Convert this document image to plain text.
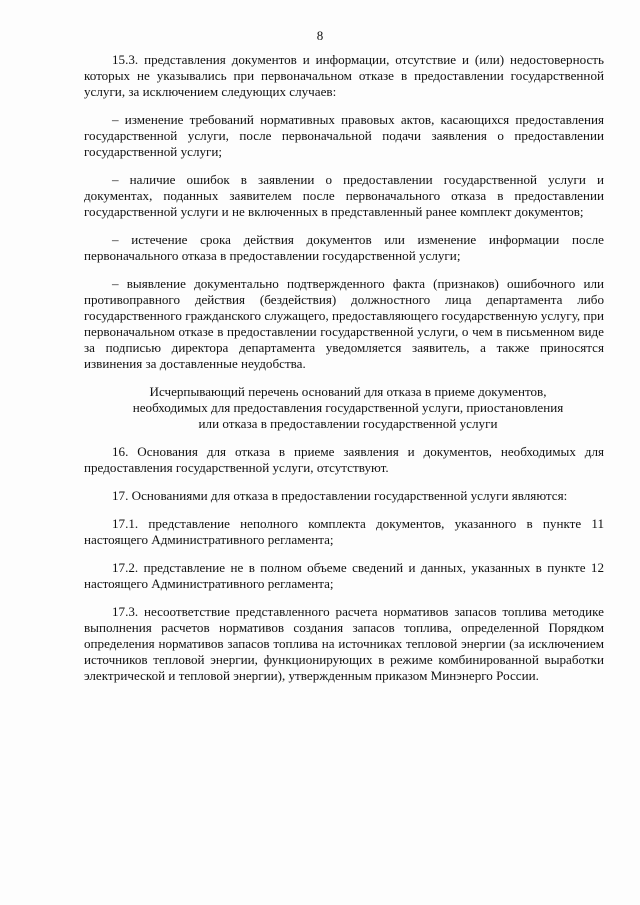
8

15.3. представления документов и информации, отсутствие и (или) недостоверность которых не указывались при первоначальном отказе в предоставлении государственной услуги, за исключением следующих случаев:

– изменение требований нормативных правовых актов, касающихся предоставления государственной услуги, после первоначальной подачи заявления о предоставлении государственной услуги;

– наличие ошибок в заявлении о предоставлении государственной услуги и документах, поданных заявителем после первоначального отказа в предоставлении государственной услуги и не включенных в представленный ранее комплект документов;

– истечение срока действия документов или изменение информации после первоначального отказа в предоставлении государственной услуги;

– выявление документально подтвержденного факта (признаков) ошибочного или противоправного действия (бездействия) должностного лица департамента либо государственного гражданского служащего, предоставляющего государственную услугу, при первоначальном отказе в предоставлении государственной услуги, о чем в письменном виде за подписью директора департамента уведомляется заявитель, а также приносятся извинения за доставленные неудобства.

Исчерпывающий перечень оснований для отказа в приеме документов,
необходимых для предоставления государственной услуги, приостановления
или отказа в предоставлении государственной услуги

16. Основания для отказа в приеме заявления и документов, необходимых для предоставления государственной услуги, отсутствуют.

17. Основаниями для отказа в предоставлении государственной услуги являются:

17.1. представление неполного комплекта документов, указанного в пункте 11 настоящего Административного регламента;

17.2. представление не в полном объеме сведений и данных, указанных в пункте 12 настоящего Административного регламента;

17.3. несоответствие представленного расчета нормативов запасов топлива методике выполнения расчетов нормативов создания запасов топлива, определенной Порядком определения нормативов запасов топлива на источниках тепловой энергии (за исключением источников тепловой энергии, функционирующих в режиме комбинированной выработки электрической и тепловой энергии), утвержденным приказом Минэнерго России.
